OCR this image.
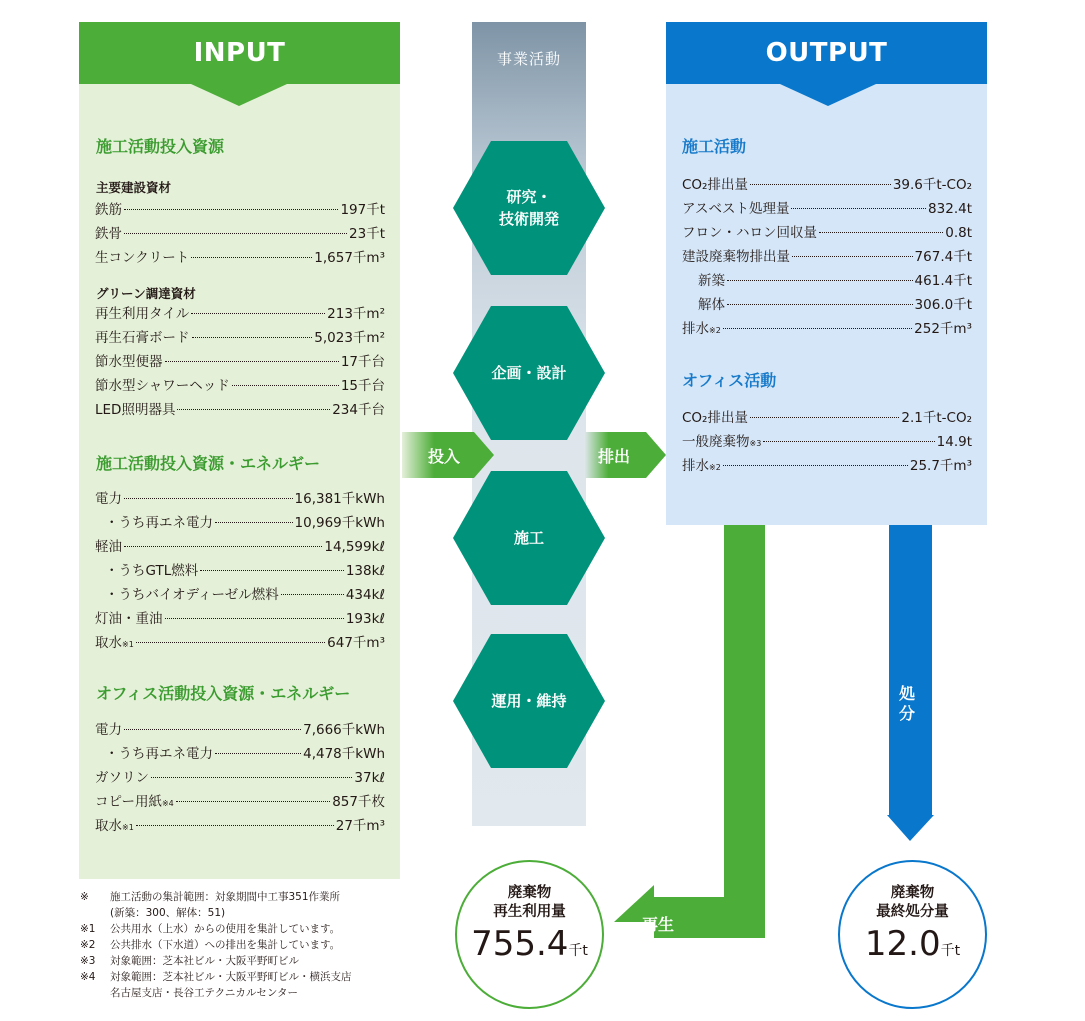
INPUT
施工活動投入資源
主要建設資材
鉄筋	197千t
鉄骨	23千t
生コンクリート	1,657千m³
グリーン調達資材
再生利用タイル	213千m²
再生石膏ボード	5,023千m²
節水型便器	17千台
節水型シャワーヘッド	15千台
LED照明器具	234千台
施工活動投入資源・エネルギー
電力	16,381千kWh
・うち再エネ電力	10,969千kWh
軽油	14,599kℓ
・うちGTL燃料	138kℓ
・うちバイオディーゼル燃料	434kℓ
灯油・重油	193kℓ
取水 ※1	647千m³
オフィス活動投入資源・エネルギー
電力	7,666千kWh
・うち再エネ電力	4,478千kWh
ガソリン	37kℓ
コピー用紙 ※4	857千枚
取水 ※1	27千m³
事業活動
研究・
技術開発
企画・設計
施工
運用・維持
投入	排出
OUTPUT
施工活動
CO₂排出量	39.6千t-CO₂
アスベスト処理量	832.4t
フロン・ハロン回収量	0.8t
建設廃棄物排出量	767.4千t
新築	461.4千t
解体	306.0千t
排水 ※2	252千m³
オフィス活動
CO₂排出量	2.1千t-CO₂
一般廃棄物 ※3	14.9t
排水 ※2	25.7千m³
再生
処分
廃棄物
再生利用量
755.4千t
廃棄物
最終処分量
12.0千t
※ 施工活動の集計範囲：対象期間中工事351作業所
(新築：300、解体：51)
※1 公共用水（上水）からの使用を集計しています。
※2 公共排水（下水道）への排出を集計しています。
※3 対象範囲：芝本社ビル・大阪平野町ビル
※4 対象範囲：芝本社ビル・大阪平野町ビル・横浜支店
名古屋支店・長谷工テクニカルセンター
